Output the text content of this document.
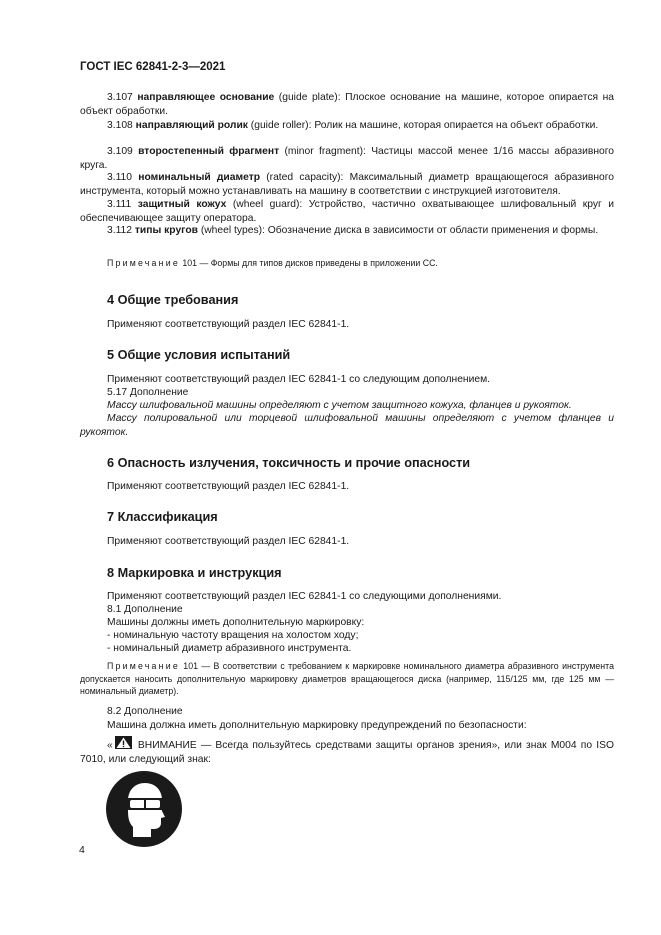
ГОСТ IEC 62841-2-3—2021
3.107 направляющее основание (guide plate): Плоское основание на машине, которое опирается на объект обработки.
3.108 направляющий ролик (guide roller): Ролик на машине, которая опирается на объект обработки.
3.109 второстепенный фрагмент (minor fragment): Частицы массой менее 1/16 массы абразивного круга.
3.110 номинальный диаметр (rated capacity): Максимальный диаметр вращающегося абразивного инструмента, который можно устанавливать на машину в соответствии с инструкцией изготовителя.
3.111 защитный кожух (wheel guard): Устройство, частично охватывающее шлифовальный круг и обеспечивающее защиту оператора.
3.112 типы кругов (wheel types): Обозначение диска в зависимости от области применения и формы.
Примечание 101 — Формы для типов дисков приведены в приложении СС.
4 Общие требования
Применяют соответствующий раздел IEC 62841-1.
5 Общие условия испытаний
Применяют соответствующий раздел IEC 62841-1 со следующим дополнением.
5.17 Дополнение
Массу шлифовальной машины определяют с учетом защитного кожуха, фланцев и рукояток.
Массу полировальной или торцевой шлифовальной машины определяют с учетом фланцев и рукояток.
6 Опасность излучения, токсичность и прочие опасности
Применяют соответствующий раздел IEC 62841-1.
7 Классификация
Применяют соответствующий раздел IEC 62841-1.
8 Маркировка и инструкция
Применяют соответствующий раздел IEC 62841-1 со следующими дополнениями.
8.1 Дополнение
Машины должны иметь дополнительную маркировку:
- номинальную частоту вращения на холостом ходу;
- номинальный диаметр абразивного инструмента.
Примечание 101 — В соответствии с требованием к маркировке номинального диаметра абразивного инструмента допускается наносить дополнительную маркировку диаметров вращающегося диска (например, 115/125 мм, где 125 мм — номинальный диаметр).
8.2 Дополнение
Машина должна иметь дополнительную маркировку предупреждений по безопасности:
«
ВНИМАНИЕ — Всегда пользуйтесь средствами защиты органов зрения», или знак М004 по ISO 7010, или следующий знак:
4
